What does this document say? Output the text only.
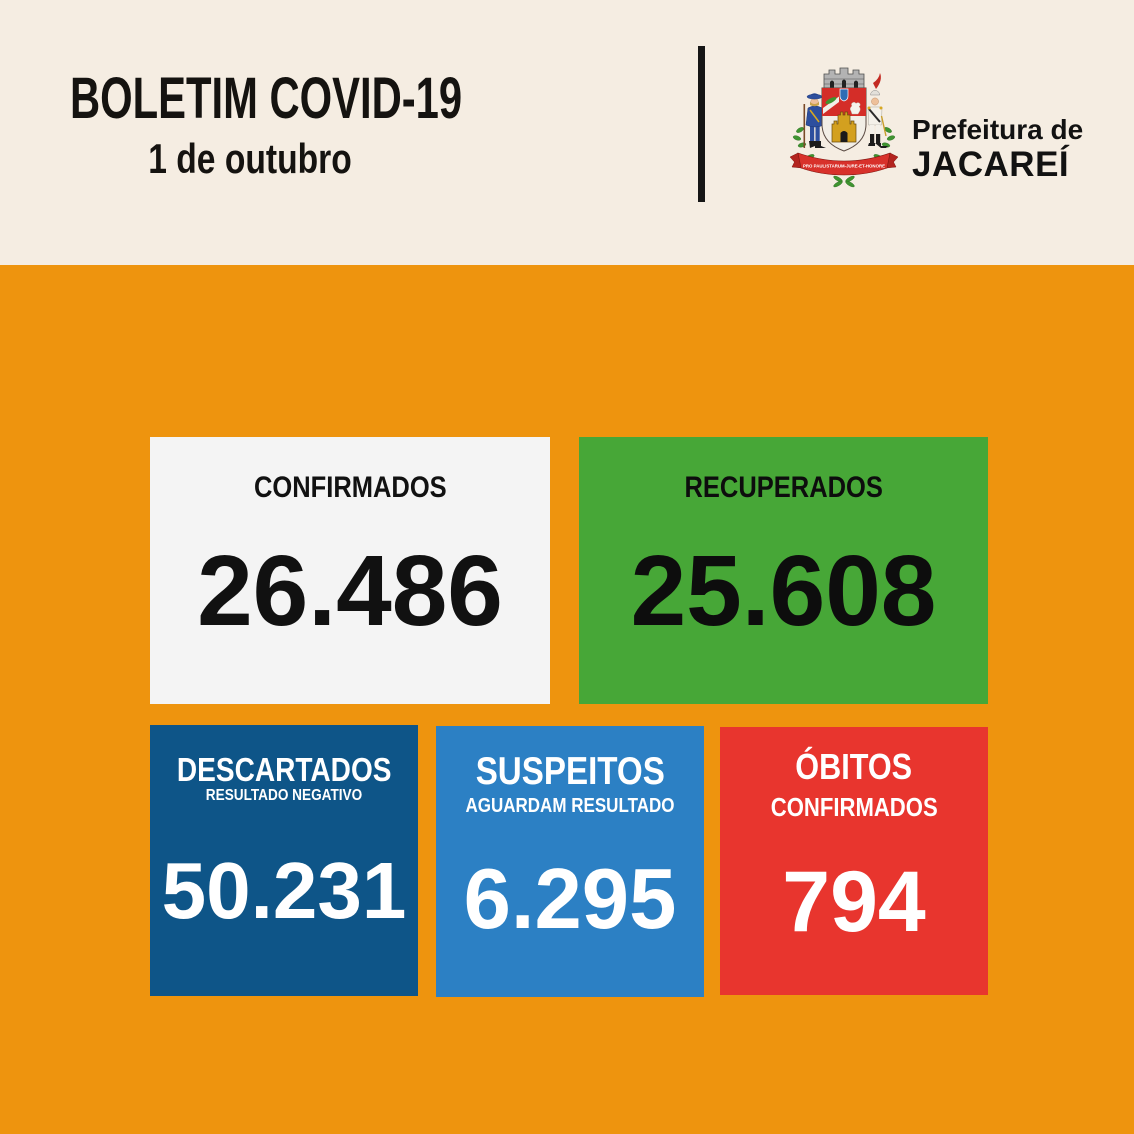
BOLETIM COVID-19
1 de outubro	PRO PAULISTARUM-JURE-ET-HONORE
Prefeitura de
JACAREÍ
CONFIRMADOS
26.486
RECUPERADOS
25.608
DESCARTADOS
RESULTADO NEGATIVO
50.231
SUSPEITOS
AGUARDAM RESULTADO
6.295
ÓBITOS
CONFIRMADOS
794
